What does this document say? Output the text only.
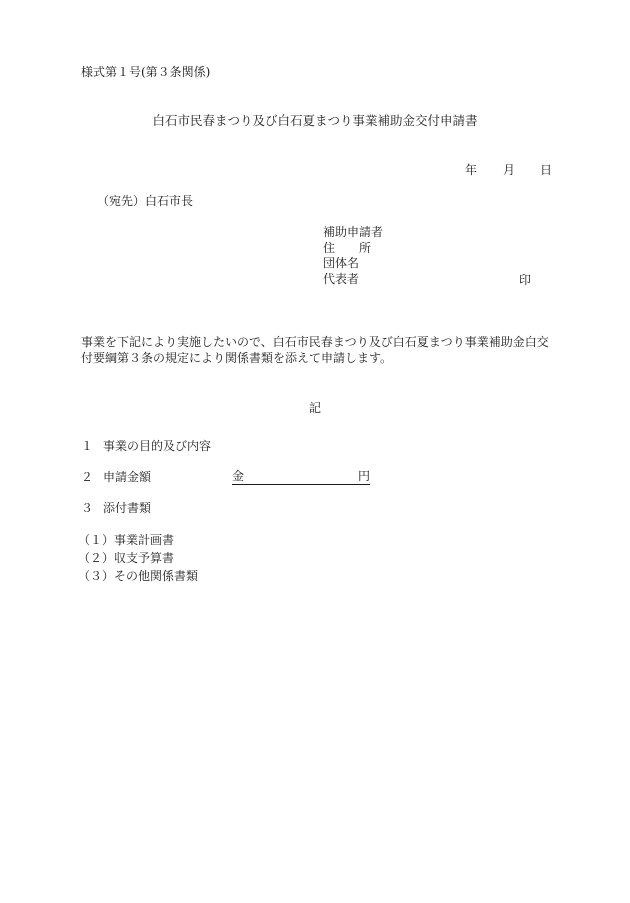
様式第１号(第３条関係)
白石市民春まつり及び白石夏まつり事業補助金交付申請書
年 月 日
（宛先）白石市長
補助申請者
住　　所
団体名
代表者	印
事業を下記により実施したいので、白石市民春まつり及び白石夏まつり事業補助金白交
付要綱第３条の規定により関係書類を添えて申請します。
記
１ 事業の目的及び内容
２ 申請金額	金	円
３ 添付書類
（１）事業計画書
（２）収支予算書
（３）その他関係書類
